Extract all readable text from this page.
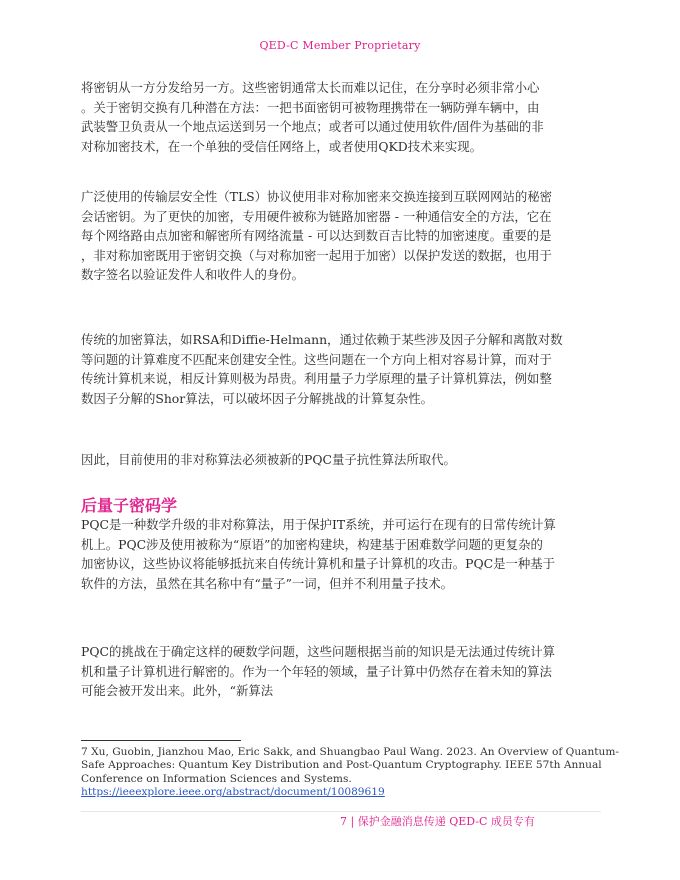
QED-C Member Proprietary

将密钥从一方分发给另一方。这些密钥通常太长而难以记住，在分享时必须非常小心
。关于密钥交换有几种潜在方法：一把书面密钥可被物理携带在一辆防弹车辆中，由
武装警卫负责从一个地点运送到另一个地点；或者可以通过使用软件/固件为基础的非
对称加密技术，在一个单独的受信任网络上，或者使用QKD技术来实现。

广泛使用的传输层安全性（TLS）协议使用非对称加密来交换连接到互联网网站的秘密
会话密钥。为了更快的加密，专用硬件被称为链路加密器 - 一种通信安全的方法，它在
每个网络路由点加密和解密所有网络流量 - 可以达到数百吉比特的加密速度。重要的是
，非对称加密既用于密钥交换（与对称加密一起用于加密）以保护发送的数据，也用于
数字签名以验证发件人和收件人的身份。

传统的加密算法，如RSA和Diffie-Helmann，通过依赖于某些涉及因子分解和离散对数
等问题的计算难度不匹配来创建安全性。这些问题在一个方向上相对容易计算，而对于
传统计算机来说，相反计算则极为昂贵。利用量子力学原理的量子计算机算法，例如整
数因子分解的Shor算法，可以破坏因子分解挑战的计算复杂性。

因此，目前使用的非对称算法必须被新的PQC量子抗性算法所取代。

后量子密码学

PQC是一种数学升级的非对称算法，用于保护IT系统，并可运行在现有的日常传统计算
机上。PQC涉及使用被称为“原语”的加密构建块，构建基于困难数学问题的更复杂的
加密协议，这些协议将能够抵抗来自传统计算机和量子计算机的攻击。PQC是一种基于
软件的方法，虽然在其名称中有“量子”一词，但并不利用量子技术。

PQC的挑战在于确定这样的硬数学问题，这些问题根据当前的知识是无法通过传统计算
机和量子计算机进行解密的。作为一个年轻的领域，量子计算中仍然存在着未知的算法
可能会被开发出来。此外，“新算法

7 Xu, Guobin, Jianzhou Mao, Eric Sakk, and Shuangbao Paul Wang. 2023. An Overview of Quantum-
Safe Approaches: Quantum Key Distribution and Post-Quantum Cryptography. IEEE 57th Annual
Conference on Information Sciences and Systems.
https://ieeexplore.ieee.org/abstract/document/10089619
7 | 保护金融消息传递 QED-C 成员专有
